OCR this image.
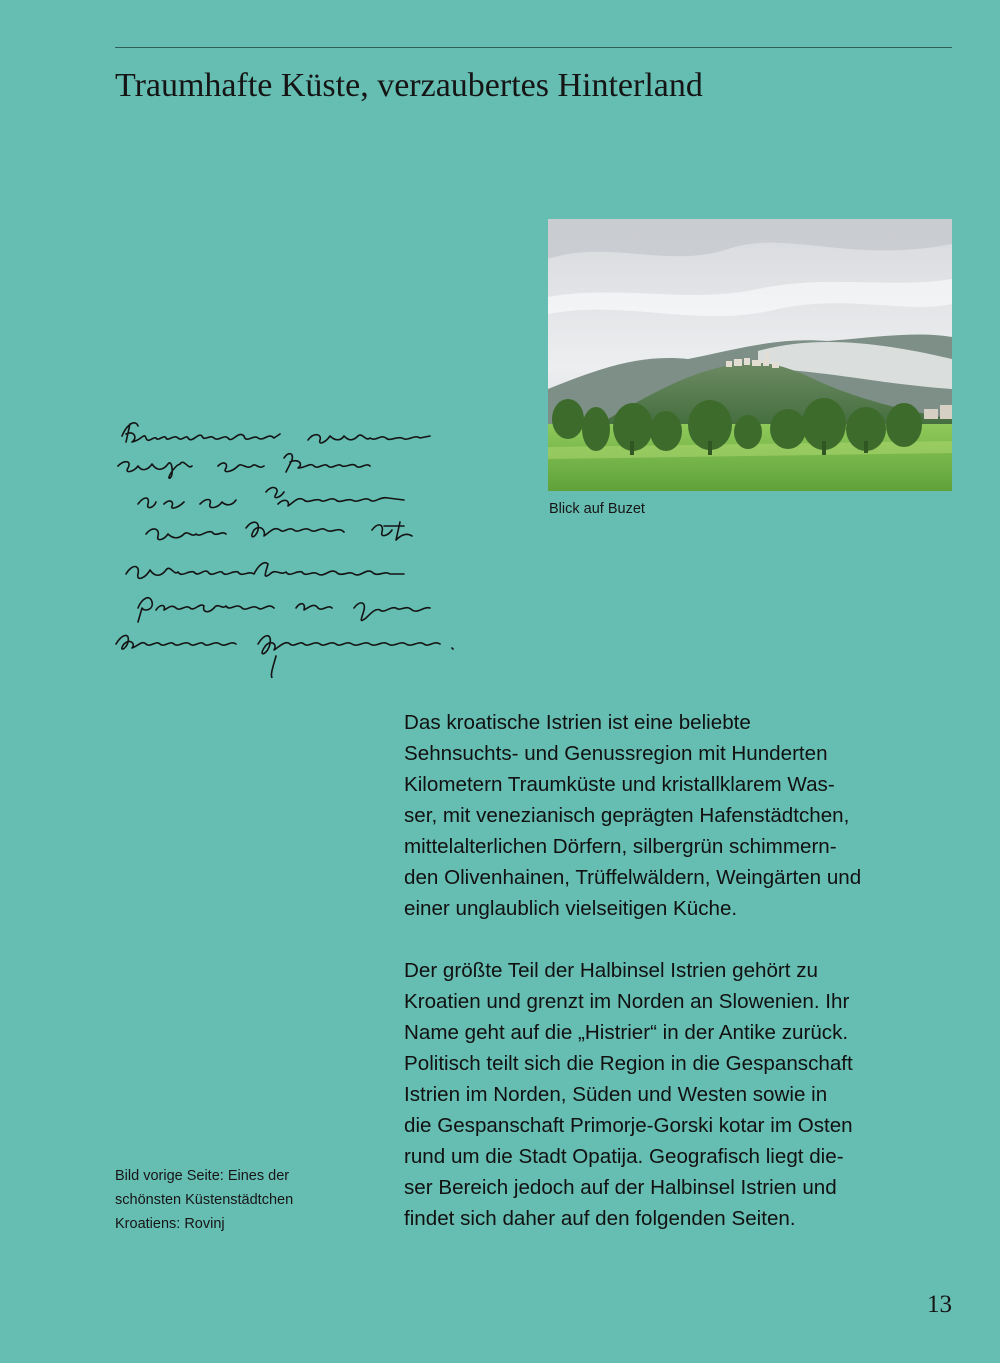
Traumhafte Küste, verzaubertes Hinterland
Blick auf Buzet
Bild vorige Seite: Eines der
schönsten Küstenstädtchen
Kroatiens: Rovinj

Das kroatische Istrien ist eine beliebte
Sehnsuchts- und Genussregion mit Hunderten
Kilometern Traumküste und kristallklarem Was-
ser, mit venezianisch geprägten Hafenstädtchen,
mittelalterlichen Dörfern, silbergrün schimmern-
den Olivenhainen, Trüffelwäldern, Weingärten und
einer unglaublich vielseitigen Küche.

Der größte Teil der Halbinsel Istrien gehört zu
Kroatien und grenzt im Norden an Slowenien. Ihr
Name geht auf die „Histrier“ in der Antike zurück.
Politisch teilt sich die Region in die Gespanschaft
Istrien im Norden, Süden und Westen sowie in
die Gespanschaft Primorje-Gorski kotar im Osten
rund um die Stadt Opatija. Geografisch liegt die-
ser Bereich jedoch auf der Halbinsel Istrien und
findet sich daher auf den folgenden Seiten.

13
